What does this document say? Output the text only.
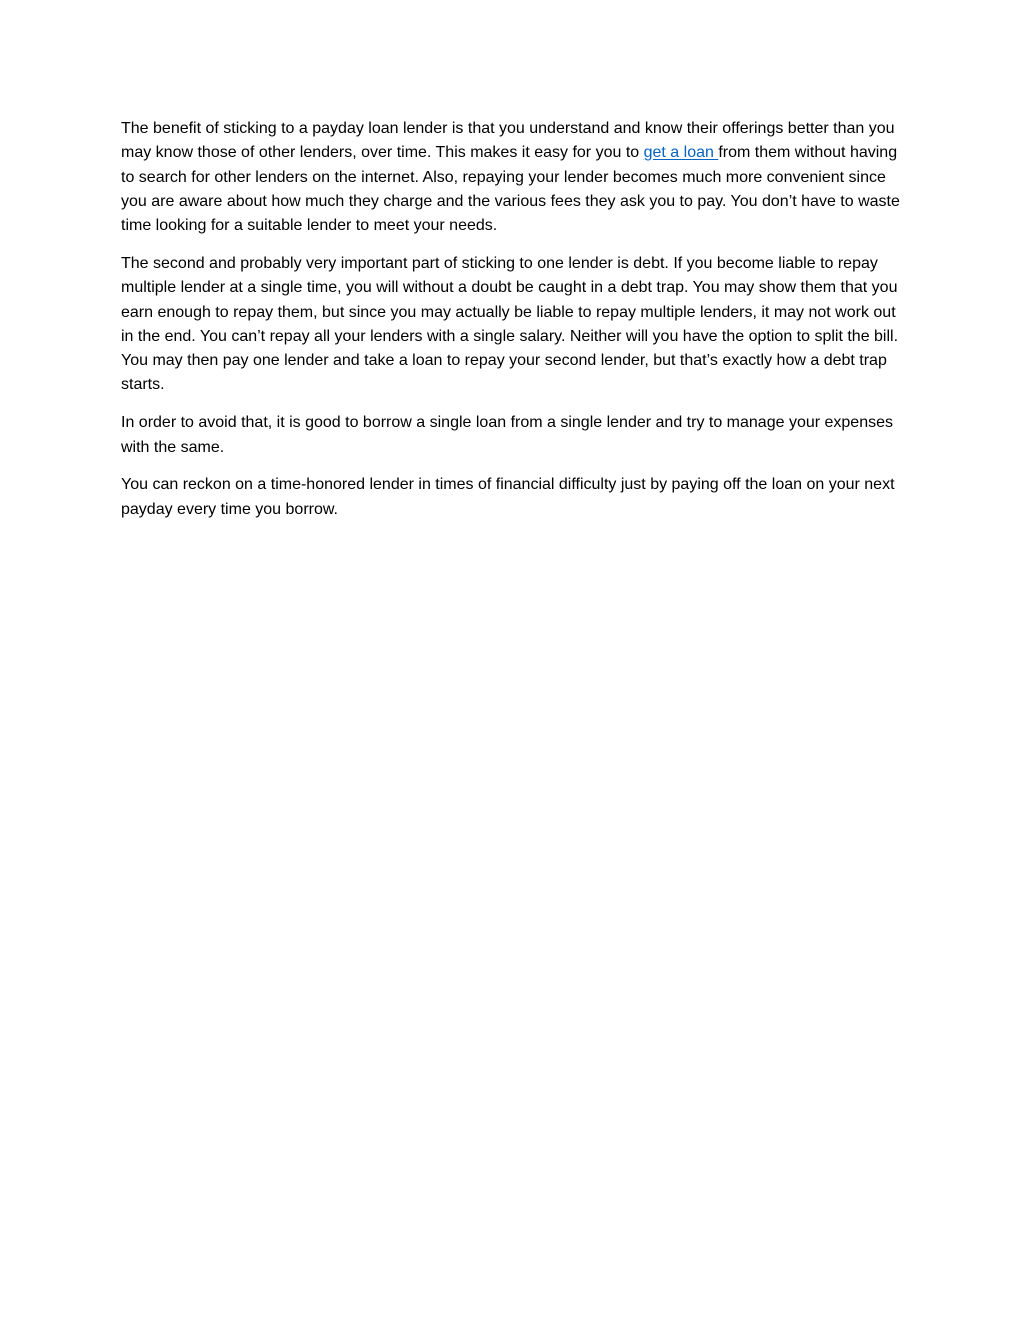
The benefit of sticking to a payday loan lender is that you understand and know their offerings better than you may know those of other lenders, over time. This makes it easy for you to get a loan from them without having to search for other lenders on the internet. Also, repaying your lender becomes much more convenient since you are aware about how much they charge and the various fees they ask you to pay. You don’t have to waste time looking for a suitable lender to meet your needs.

The second and probably very important part of sticking to one lender is debt. If you become liable to repay multiple lender at a single time, you will without a doubt be caught in a debt trap. You may show them that you earn enough to repay them, but since you may actually be liable to repay multiple lenders, it may not work out in the end. You can’t repay all your lenders with a single salary. Neither will you have the option to split the bill. You may then pay one lender and take a loan to repay your second lender, but that’s exactly how a debt trap starts.

In order to avoid that, it is good to borrow a single loan from a single lender and try to manage your expenses with the same.

You can reckon on a time-honored lender in times of financial difficulty just by paying off the loan on your next payday every time you borrow.
